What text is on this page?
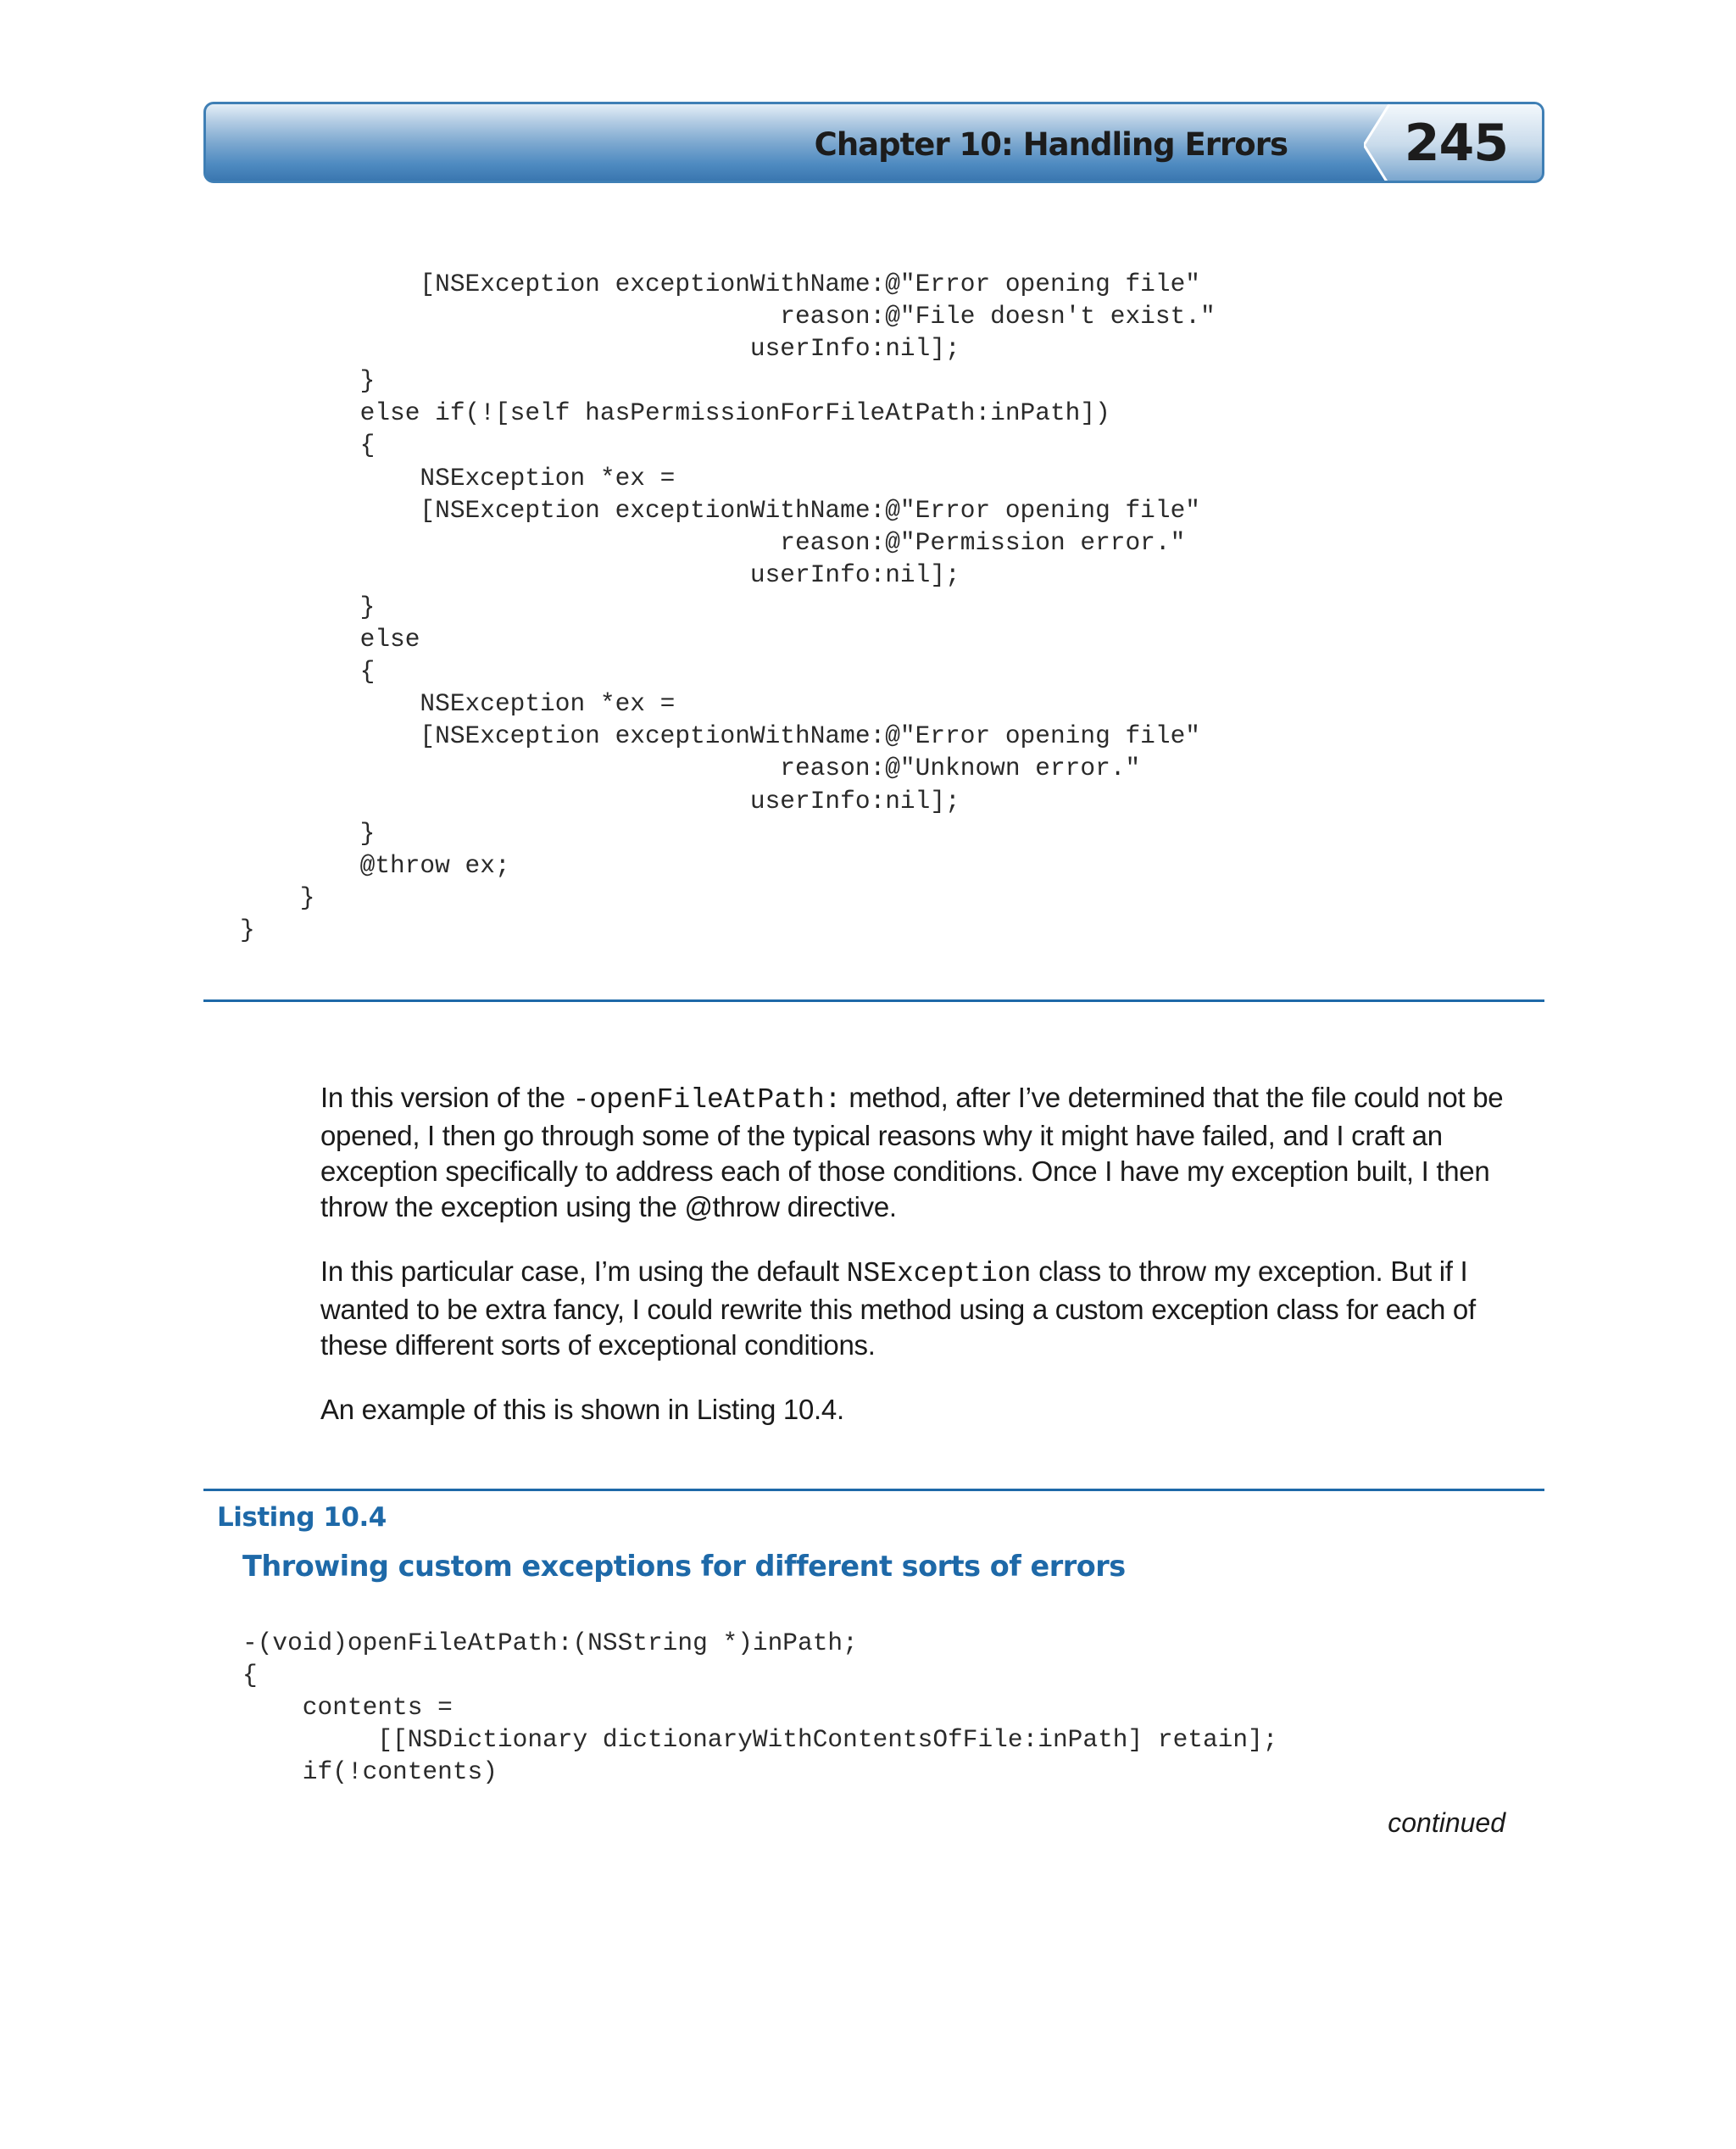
Chapter 10: Handling Errors 245
[NSException exceptionWithName:@"Error opening file"
reason:@"File doesn't exist."
userInfo:nil];
}
else if(![self hasPermissionForFileAtPath:inPath])
{
NSException *ex =
[NSException exceptionWithName:@"Error opening file"
reason:@"Permission error."
userInfo:nil];
}
else
{
NSException *ex =
[NSException exceptionWithName:@"Error opening file"
reason:@"Unknown error."
userInfo:nil];
}
@throw ex;
}
}

In this version of the -openFileAtPath: method, after I’ve determined that the file could not be opened, I then go through some of the typical reasons why it might have failed, and I craft an exception specifically to address each of those conditions. Once I have my exception built, I then throw the exception using the @throw directive.

In this particular case, I’m using the default NSException class to throw my exception. But if I wanted to be extra fancy, I could rewrite this method using a custom exception class for each of these different sorts of exceptional conditions.

An example of this is shown in Listing 10.4.

Listing 10.4
Throwing custom exceptions for different sorts of errors
-(void)openFileAtPath:(NSString *)inPath;
{
contents =
[[NSDictionary dictionaryWithContentsOfFile:inPath] retain];
if(!contents)
continued
